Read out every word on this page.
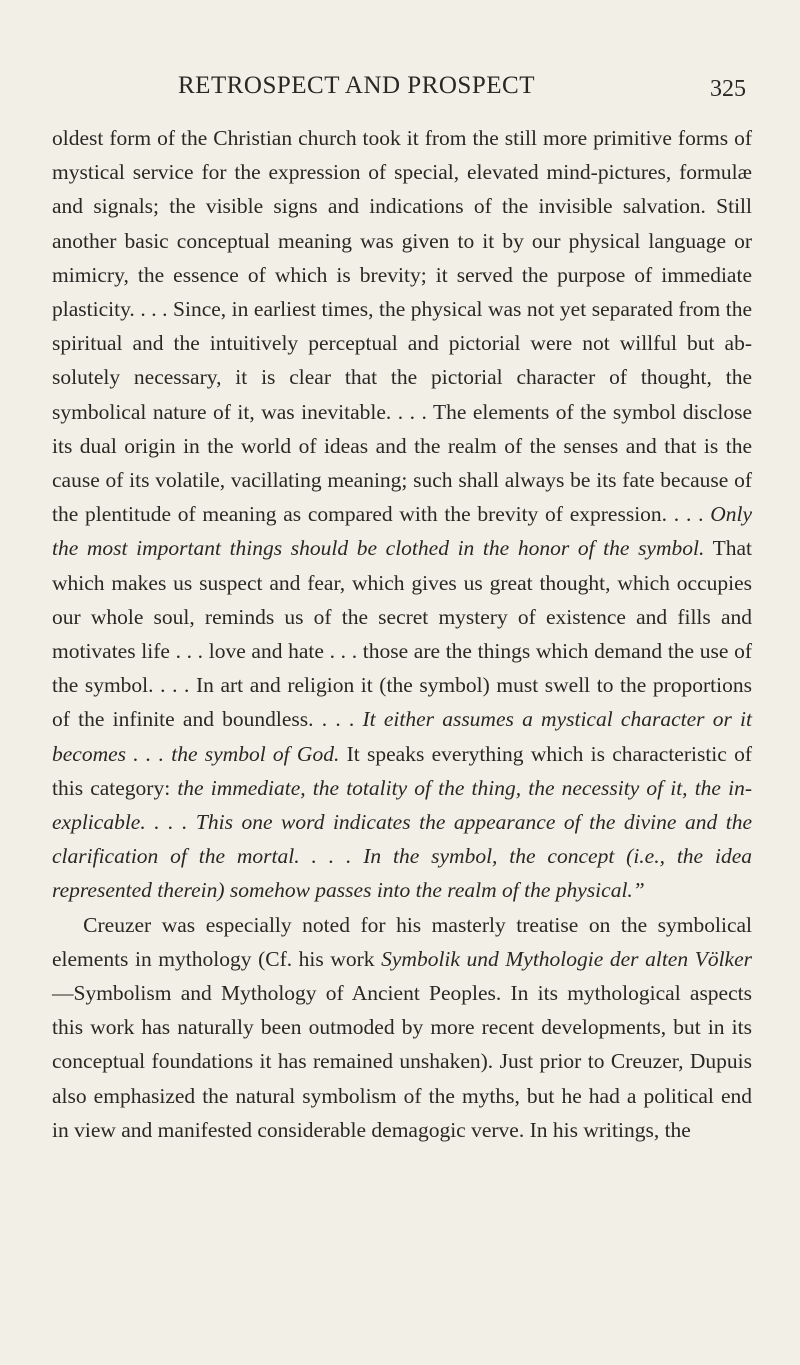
RETROSPECT AND PROSPECT	325

oldest form of the Christian church took it from the still more primitive forms of mystical service for the expression of special, elevated mind-pictures, formulæ and signals; the visible signs and indications of the invisible salvation. Still another basic conceptual meaning was given to it by our physical language or mimicry, the essence of which is brevity; it served the purpose of immediate plasticity. . . . Since, in earliest times, the physical was not yet separated from the spiritual and the intuitively perceptual and pictorial were not willful but absolutely necessary, it is clear that the pictorial character of thought, the symbolical nature of it, was inevitable. . . . The elements of the symbol disclose its dual origin in the world of ideas and the realm of the senses and that is the cause of its volatile, vacillating meaning; such shall always be its fate because of the plentitude of meaning as compared with the brevity of expression. . . . Only the most important things should be clothed in the honor of the symbol. That which makes us suspect and fear, which gives us great thought, which occupies our whole soul, reminds us of the secret mystery of existence and fills and motivates life . . . love and hate . . . those are the things which demand the use of the symbol. . . . In art and religion it (the symbol) must swell to the proportions of the infinite and boundless. . . . It either assumes a mystical character or it becomes . . . the symbol of God. It speaks everything which is characteristic of this category: the immediate, the totality of the thing, the necessity of it, the inexplicable. . . . This one word indicates the appearance of the divine and the clarification of the mortal. . . . In the symbol, the concept (i.e., the idea represented therein) somehow passes into the realm of the physical.”

Creuzer was especially noted for his masterly treatise on the symbolical elements in mythology (Cf. his work Symbolik und Mythologie der alten Völker—Symbolism and Mythology of Ancient Peoples. In its mythological aspects this work has naturally been outmoded by more recent developments, but in its conceptual foundations it has remained unshaken). Just prior to Creuzer, Dupuis also emphasized the natural symbolism of the myths, but he had a political end in view and manifested considerable demagogic verve. In his writings, the
